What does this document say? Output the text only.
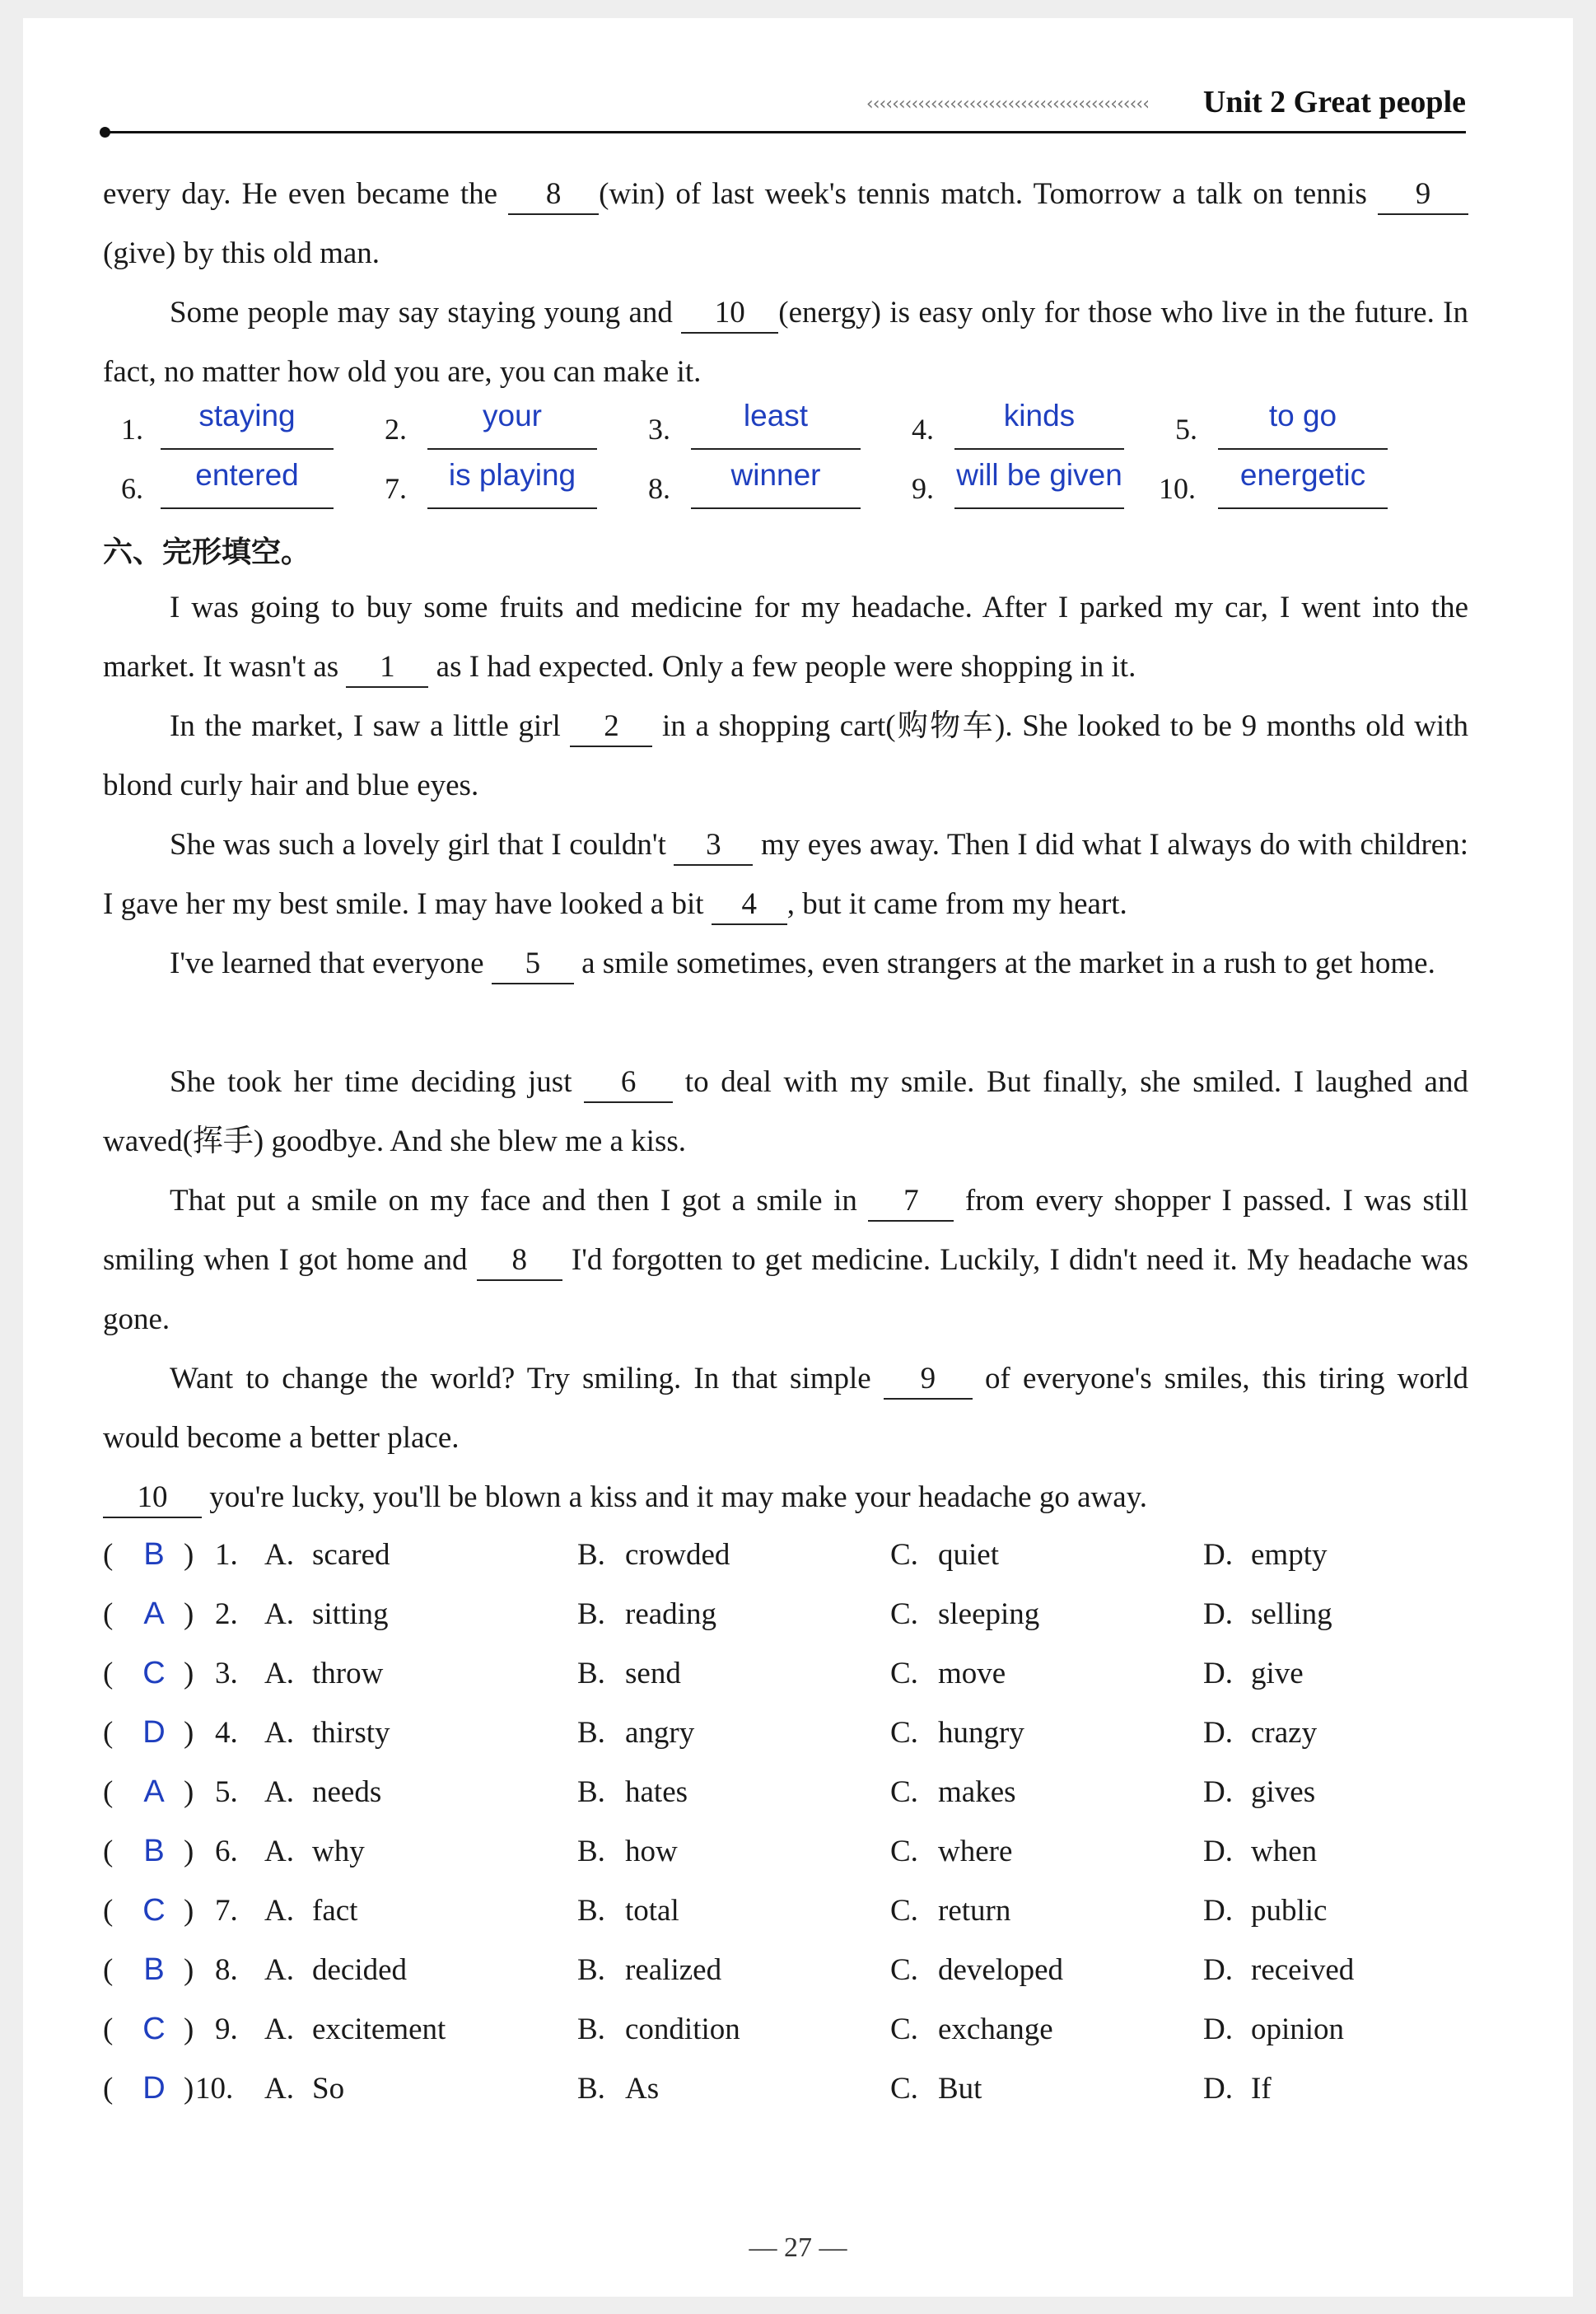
‹‹‹‹‹‹‹‹‹‹‹‹‹‹‹‹‹‹‹‹‹‹‹‹‹‹‹‹‹‹‹‹‹‹‹‹‹‹‹‹‹‹‹‹ Unit 2 Great people
every day. He even became the 8 (win) of last week's tennis match. Tomorrow a talk on tennis 9(give) by this old man.
Some people may say staying young and 10 (energy) is easy only for those who live in the future. In fact, no matter how old you are, you can make it.
1.	staying	2.	your	3.	least	4.	kinds	5.	to go
6.	entered	7.	is playing	8.	winner	9. will be given	10.	energetic
六、完形填空。
I was going to buy some fruits and medicine for my headache. After I parked my car, I went into the market. It wasn't as 1 as I had expected. Only a few people were shopping in it.
In the market, I saw a little girl 2 in a shopping cart(购物车). She looked to be 9 months old with blond curly hair and blue eyes.
She was such a lovely girl that I couldn't 3 my eyes away. Then I did what I always do with children: I gave her my best smile. I may have looked a bit 4 , but it came from my heart.
I've learned that everyone 5 a smile sometimes, even strangers at the market in a rush to get home.
She took her time deciding just 6 to deal with my smile. But finally, she smiled. I laughed and waved(挥手) goodbye. And she blew me a kiss.
That put a smile on my face and then I got a smile in 7 from every shopper I passed. I was still smiling when I got home and 8 I'd forgotten to get medicine. Luckily, I didn't need it. My headache was gone.
Want to change the world? Try smiling. In that simple 9 of everyone's smiles, this tiring world would become a better place.
10 you're lucky, you'll be blown a kiss and it may make your headache go away.
( B ) 1. A. scared	B. crowded	C. quiet	D. empty
( A ) 2. A. sitting	B. reading	C. sleeping	D. selling
( C ) 3. A. throw	B. send	C. move	D. give
( D ) 4. A. thirsty	B. angry	C. hungry	D. crazy
( A ) 5. A. needs	B. hates	C. makes	D. gives
( B ) 6. A. why	B. how	C. where	D. when
( C ) 7. A. fact	B. total	C. return	D. public
( B ) 8. A. decided	B. realized	C. developed	D. received
( C ) 9. A. excitement	B. condition	C. exchange	D. opinion
( D ) 10. A. So	B. As	C. But	D. If
— 27 —
